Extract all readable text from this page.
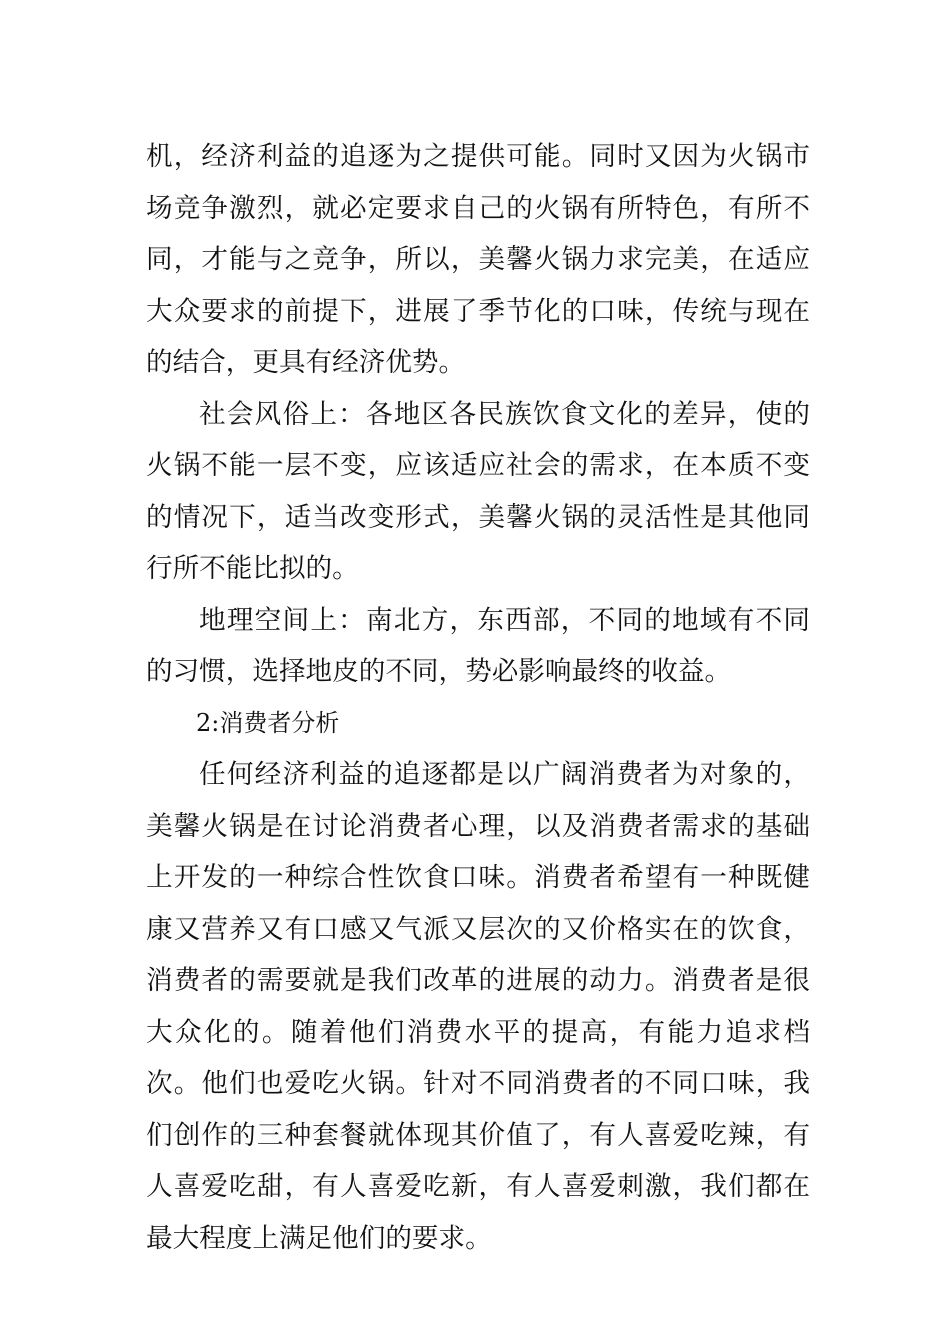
机，经济利益的追逐为之提供可能。同时又因为火锅市场竞争激烈，就必定要求自己的火锅有所特色，有所不同，才能与之竞争，所以，美馨火锅力求完美，在适应大众要求的前提下，进展了季节化的口味，传统与现在的结合，更具有经济优势。

社会风俗上：各地区各民族饮食文化的差异，使的火锅不能一层不变，应该适应社会的需求，在本质不变的情况下，适当改变形式，美馨火锅的灵活性是其他同行所不能比拟的。

地理空间上：南北方，东西部，不同的地域有不同的习惯，选择地皮的不同，势必影响最终的收益。

2:消费者分析

任何经济利益的追逐都是以广阔消费者为对象的，美馨火锅是在讨论消费者心理，以及消费者需求的基础上开发的一种综合性饮食口味。消费者希望有一种既健康又营养又有口感又气派又层次的又价格实在的饮食，消费者的需要就是我们改革的进展的动力。消费者是很大众化的。随着他们消费水平的提高，有能力追求档次。他们也爱吃火锅。针对不同消费者的不同口味，我们创作的三种套餐就体现其价值了，有人喜爱吃辣，有人喜爱吃甜，有人喜爱吃新，有人喜爱刺激，我们都在最大程度上满足他们的要求。
